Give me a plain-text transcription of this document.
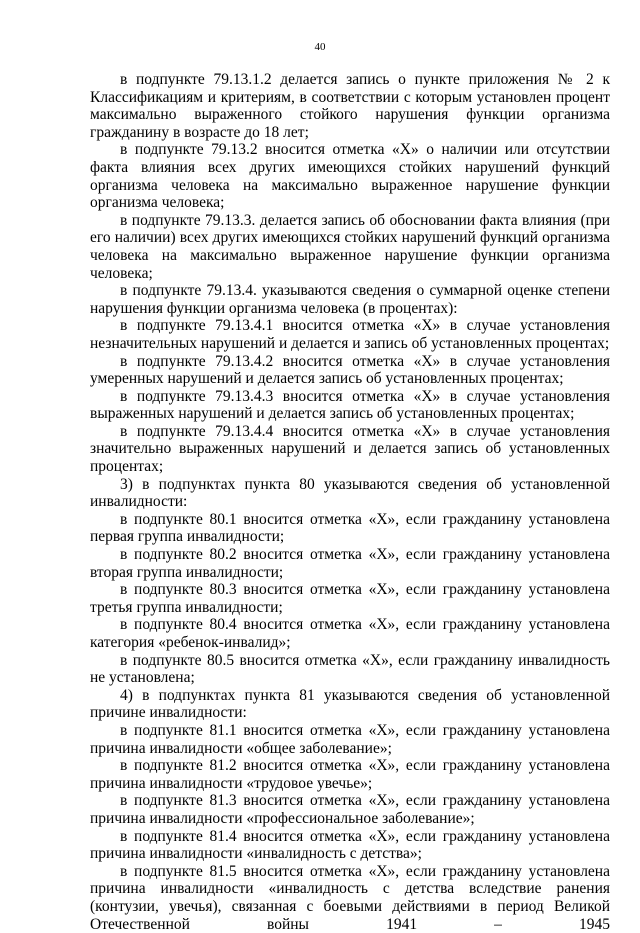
40

в подпункте 79.13.1.2 делается запись о пункте приложения № 2 к Классификациям и критериям, в соответствии с которым установлен процент максимально выраженного стойкого нарушения функции организма гражданину в возрасте до 18 лет;

в подпункте 79.13.2 вносится отметка «Х» о наличии или отсутствии факта влияния всех других имеющихся стойких нарушений функций организма человека на максимально выраженное нарушение функции организма человека;

в подпункте 79.13.3. делается запись об обосновании факта влияния (при его наличии) всех других имеющихся стойких нарушений функций организма человека на максимально выраженное нарушение функции организма человека;

в подпункте 79.13.4. указываются сведения о суммарной оценке степени нарушения функции организма человека (в процентах):

в подпункте 79.13.4.1 вносится отметка «Х» в случае установления незначительных нарушений и делается и запись об установленных процентах;

в подпункте 79.13.4.2 вносится отметка «Х» в случае установления умеренных нарушений и делается запись об установленных процентах;

в подпункте 79.13.4.3 вносится отметка «Х» в случае установления выраженных нарушений и делается запись об установленных процентах;

в подпункте 79.13.4.4 вносится отметка «Х» в случае установления значительно выраженных нарушений и делается запись об установленных процентах;

3) в подпунктах пункта 80 указываются сведения об установленной инвалидности:

в подпункте 80.1 вносится отметка «Х», если гражданину установлена первая группа инвалидности;

в подпункте 80.2 вносится отметка «Х», если гражданину установлена вторая группа инвалидности;

в подпункте 80.3 вносится отметка «Х», если гражданину установлена третья группа инвалидности;

в подпункте 80.4 вносится отметка «Х», если гражданину установлена категория «ребенок-инвалид»;

в подпункте 80.5 вносится отметка «Х», если гражданину инвалидность не установлена;

4) в подпунктах пункта 81 указываются сведения об установленной причине инвалидности:

в подпункте 81.1 вносится отметка «Х», если гражданину установлена причина инвалидности «общее заболевание»;

в подпункте 81.2 вносится отметка «Х», если гражданину установлена причина инвалидности «трудовое увечье»;

в подпункте 81.3 вносится отметка «Х», если гражданину установлена причина инвалидности «профессиональное заболевание»;

в подпункте 81.4 вносится отметка «Х», если гражданину установлена причина инвалидности «инвалидность с детства»;

в подпункте 81.5 вносится отметка «Х», если гражданину установлена причина инвалидности «инвалидность с детства вследствие ранения (контузии, увечья), связанная с боевыми действиями в период Великой Отечественной войны 1941 – 1945
